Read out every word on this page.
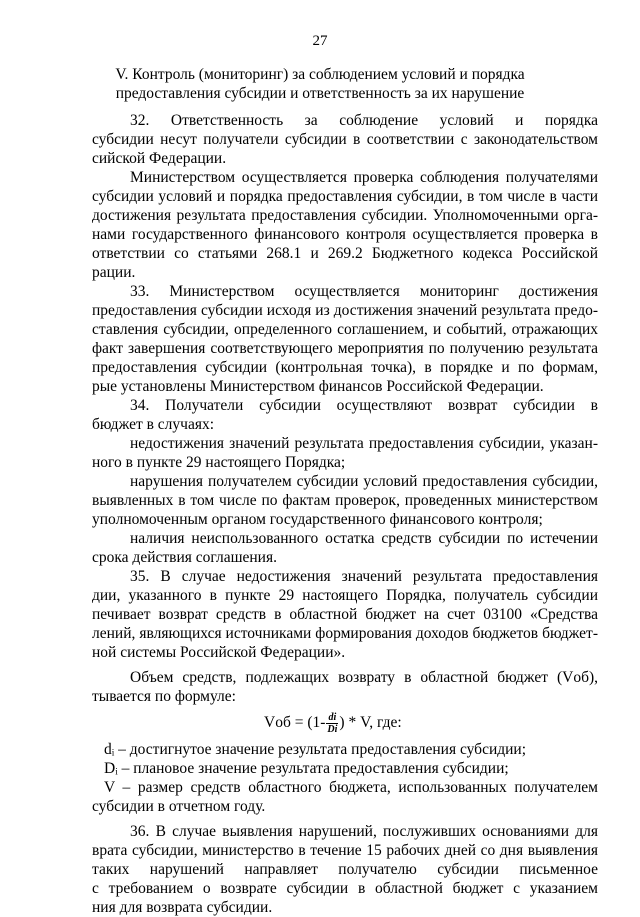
27
V. Контроль (мониторинг) за соблюдением условий и порядка
предоставления субсидии и ответственность за их нарушение
32. Ответственность за соблюдение условий и порядка
субсидии несут получатели субсидии в соответствии с законодательством
сийской Федерации.
Министерством осуществляется проверка соблюдения получателями
субсидии условий и порядка предоставления субсидии, в том числе в части
достижения результата предоставления субсидии. Уполномоченными орга-
нами государственного финансового контроля осуществляется проверка в
ответствии со статьями 268.1 и 269.2 Бюджетного кодекса Российской
рации.
33. Министерством осуществляется мониторинг достижения
предоставления субсидии исходя из достижения значений результата предо-
ставления субсидии, определенного соглашением, и событий, отражающих
факт завершения соответствующего мероприятия по получению результата
предоставления субсидии (контрольная точка), в порядке и по формам,
рые установлены Министерством финансов Российской Федерации.
34. Получатели субсидии осуществляют возврат субсидии в
бюджет в случаях:
недостижения значений результата предоставления субсидии, указан-
ного в пункте 29 настоящего Порядка;
нарушения получателем субсидии условий предоставления субсидии,
выявленных в том числе по фактам проверок, проведенных министерством
уполномоченным органом государственного финансового контроля;
наличия неиспользованного остатка средств субсидии по истечении
срока действия соглашения.
35. В случае недостижения значений результата предоставления
дии, указанного в пункте 29 настоящего Порядка, получатель субсидии
печивает возврат средств в областной бюджет на счет 03100 «Средства
лений, являющихся источниками формирования доходов бюджетов бюджет-
ной системы Российской Федерации».
Объем средств, подлежащих возврату в областной бюджет (Vоб),
тывается по формуле:
Vоб = ($1- \frac{di}{Di}$ ) * V, где:
dᵢ – достигнутое значение результата предоставления субсидии;
Dᵢ – плановое значение результата предоставления субсидии;
V – размер средств областного бюджета, использованных получателем
субсидии в отчетном году.
36. В случае выявления нарушений, послуживших основаниями для
врата субсидии, министерство в течение 15 рабочих дней со дня выявления
таких нарушений направляет получателю субсидии письменное
с требованием о возврате субсидии в областной бюджет с указанием
ния для возврата субсидии.
